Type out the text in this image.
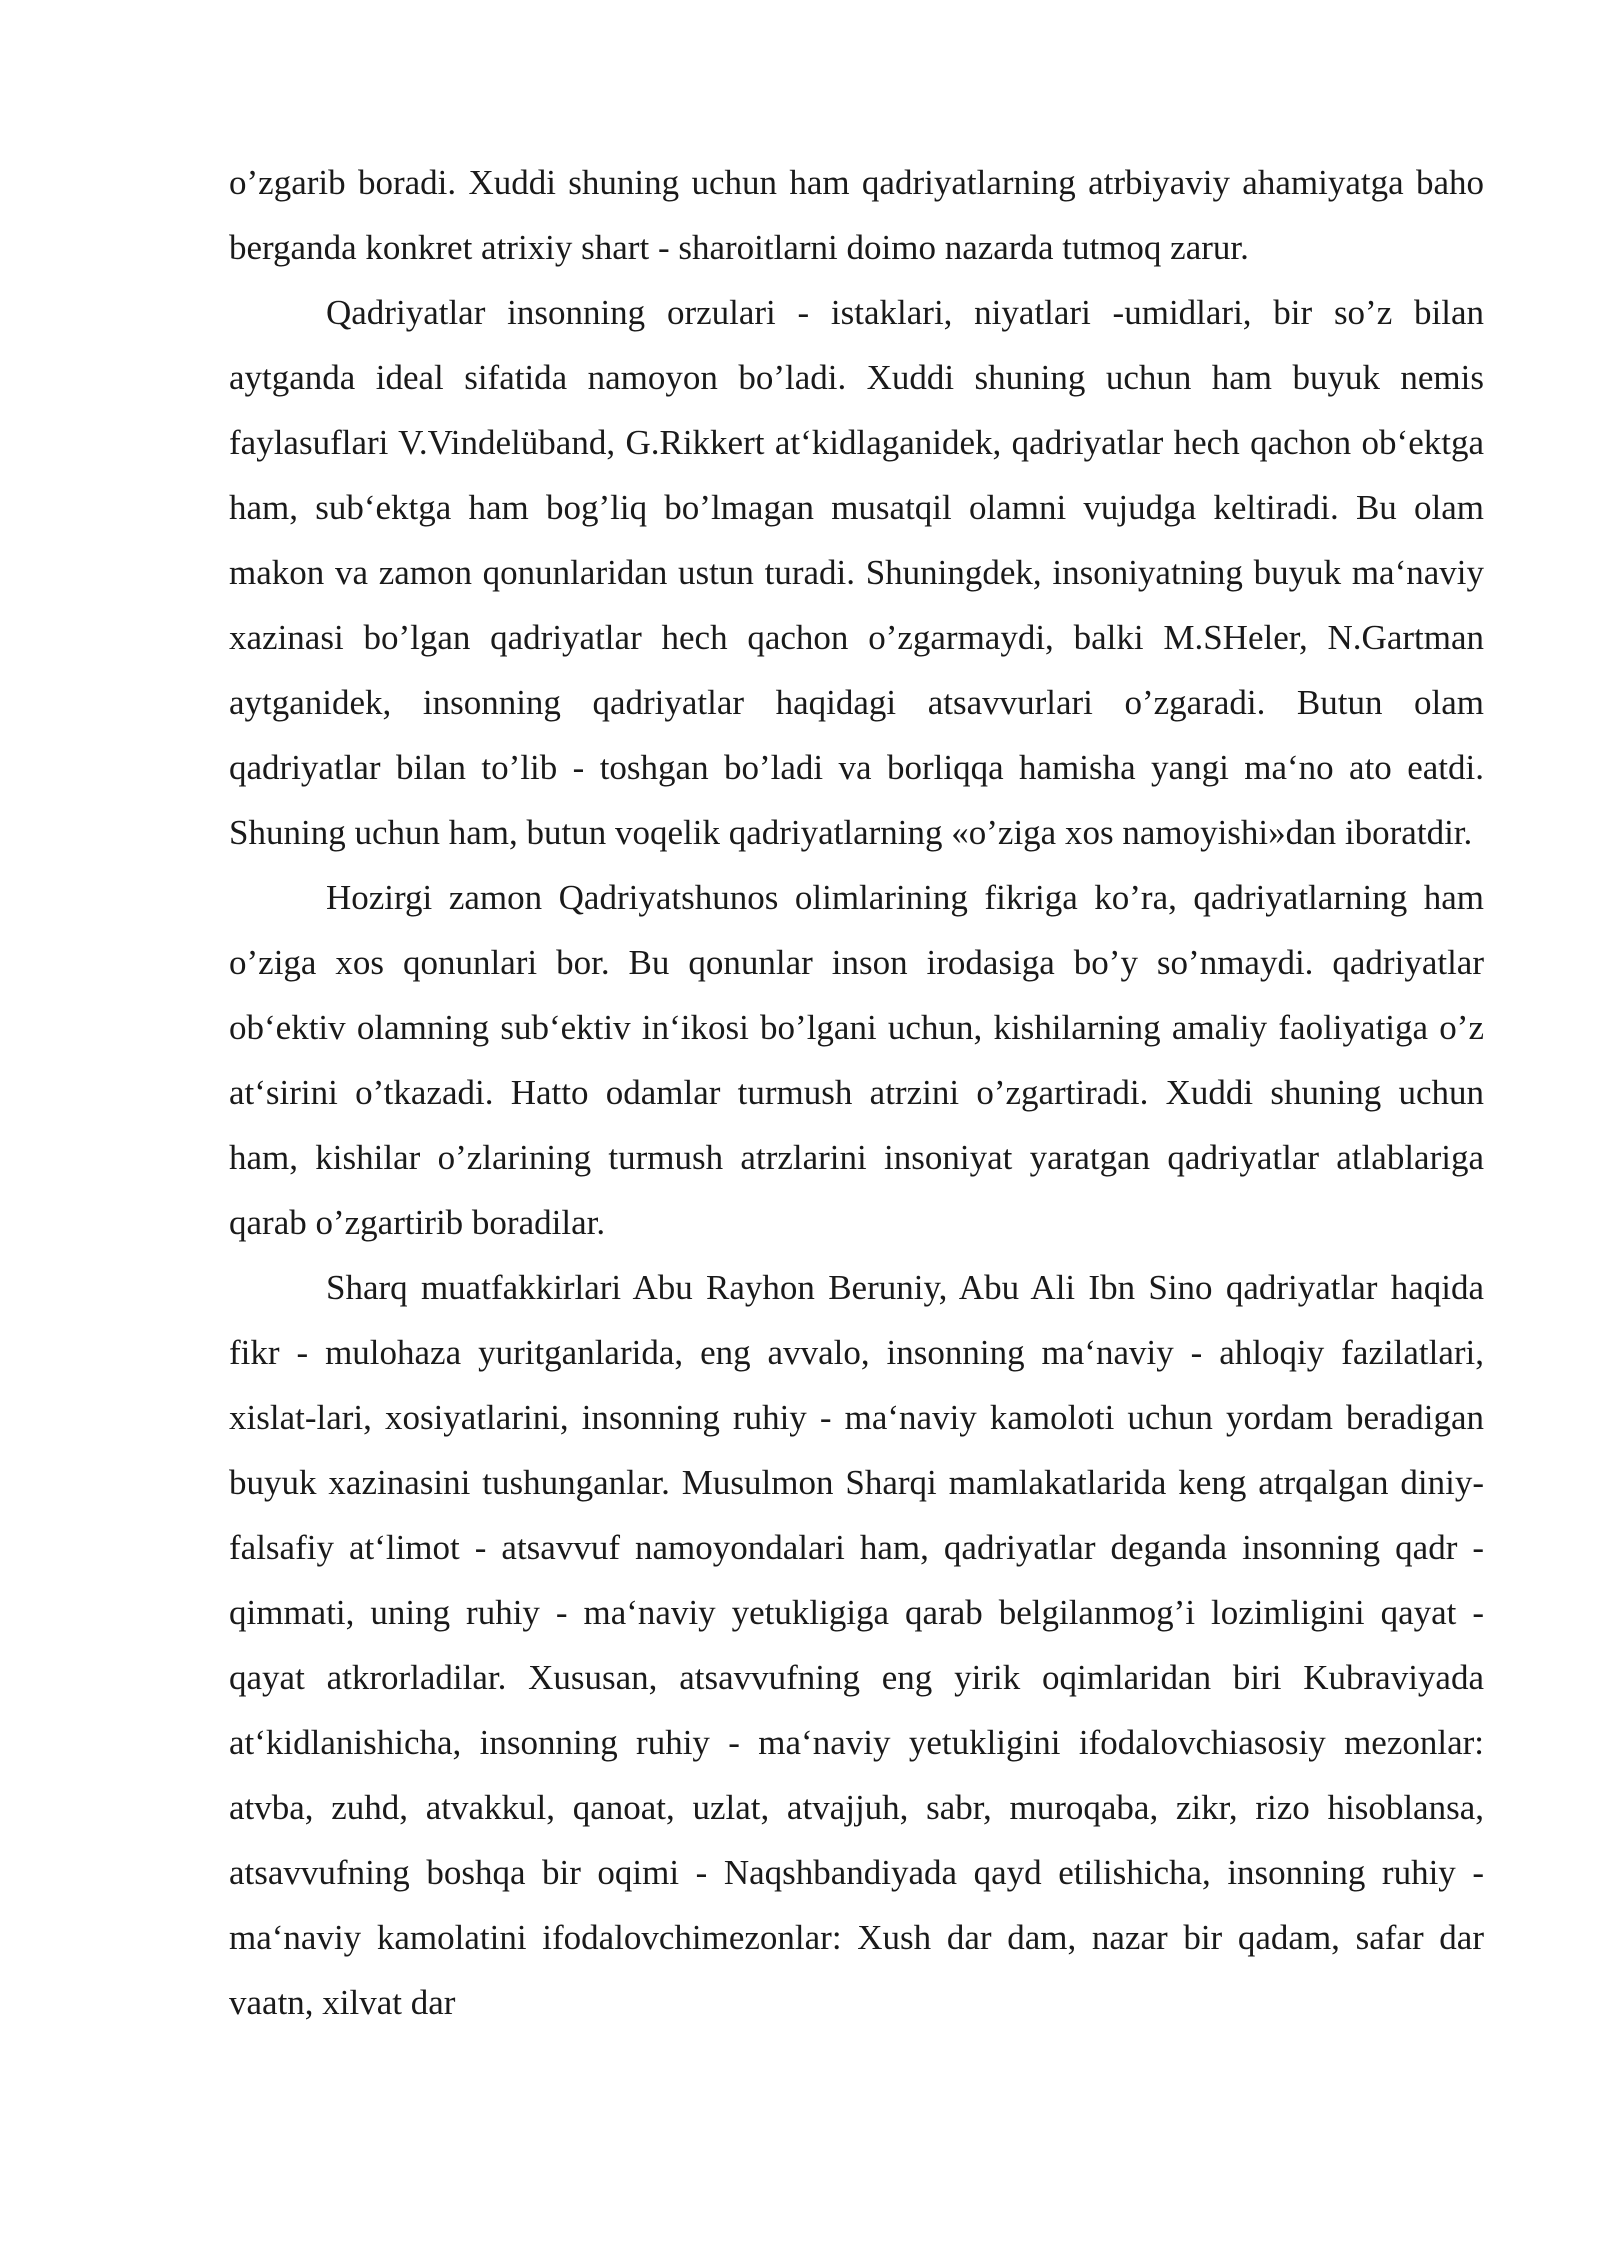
o’zgarib boradi. Xuddi shuning uchun ham qadriyatlarning atrbiyaviy ahamiyatga baho berganda konkret atrixiy shart - sharoitlarni doimo nazarda tutmoq zarur.

Qadriyatlar insonning orzulari - istaklari, niyatlari -umidlari, bir so’z bilan aytganda ideal sifatida namoyon bo’ladi. Xuddi shuning uchun ham buyuk nemis faylasuflari V.Vindelüband, G.Rikkert at‘kidlaganidek, qadriyatlar hech qachon ob‘ektga ham, sub‘ektga ham bog’liq bo’lmagan musatqil olamni vujudga keltiradi. Bu olam makon va zamon qonunlaridan ustun turadi. Shuningdek, insoniyatning buyuk ma‘naviy xazinasi bo’lgan qadriyatlar hech qachon o’zgarmaydi, balki M.SHeler, N.Gartman aytganidek, insonning qadriyatlar haqidagi atsavvurlari o’zgaradi. Butun olam qadriyatlar bilan to’lib - toshgan bo’ladi va borliqqa hamisha yangi ma‘no ato eatdi. Shuning uchun ham, butun voqelik qadriyatlarning «o’ziga xos namoyishi»dan iboratdir.

Hozirgi zamon Qadriyatshunos olimlarining fikriga ko’ra, qadriyatlarning ham o’ziga xos qonunlari bor. Bu qonunlar inson irodasiga bo’y so’nmaydi. qadriyatlar ob‘ektiv olamning sub‘ektiv in‘ikosi bo’lgani uchun, kishilarning amaliy faoliyatiga o’z at‘sirini o’tkazadi. Hatto odamlar turmush atrzini o’zgartiradi. Xuddi shuning uchun ham, kishilar o’zlarining turmush atrzlarini insoniyat yaratgan qadriyatlar atlablariga qarab o’zgartirib boradilar.

Sharq muatfakkirlari Abu Rayhon Beruniy, Abu Ali Ibn Sino qadriyatlar haqida fikr - mulohaza yuritganlarida, eng avvalo, insonning ma‘naviy - ahloqiy fazilatlari, xislat-lari, xosiyatlarini, insonning ruhiy - ma‘naviy kamoloti uchun yordam beradigan buyuk xazinasini tushunganlar. Musulmon Sharqi mamlakatlarida keng atrqalgan diniy-falsafiy at‘limot - atsavvuf namoyondalari ham, qadriyatlar deganda insonning qadr - qimmati, uning ruhiy - ma‘naviy yetukligiga qarab belgilanmog’i lozimligini qayat - qayat atkrorladilar. Xususan, atsavvufning eng yirik oqimlaridan biri Kubraviyada at‘kidlanishicha, insonning ruhiy - ma‘naviy yetukligini ifodalovchiasosiy mezonlar: atvba, zuhd, atvakkul, qanoat, uzlat, atvajjuh, sabr, muroqaba, zikr, rizo hisoblansa, atsavvufning boshqa bir oqimi - Naqshbandiyada qayd etilishicha, insonning ruhiy - ma‘naviy kamolatini ifodalovchimezonlar: Xush dar dam, nazar bir qadam, safar dar vaatn, xilvat dar
